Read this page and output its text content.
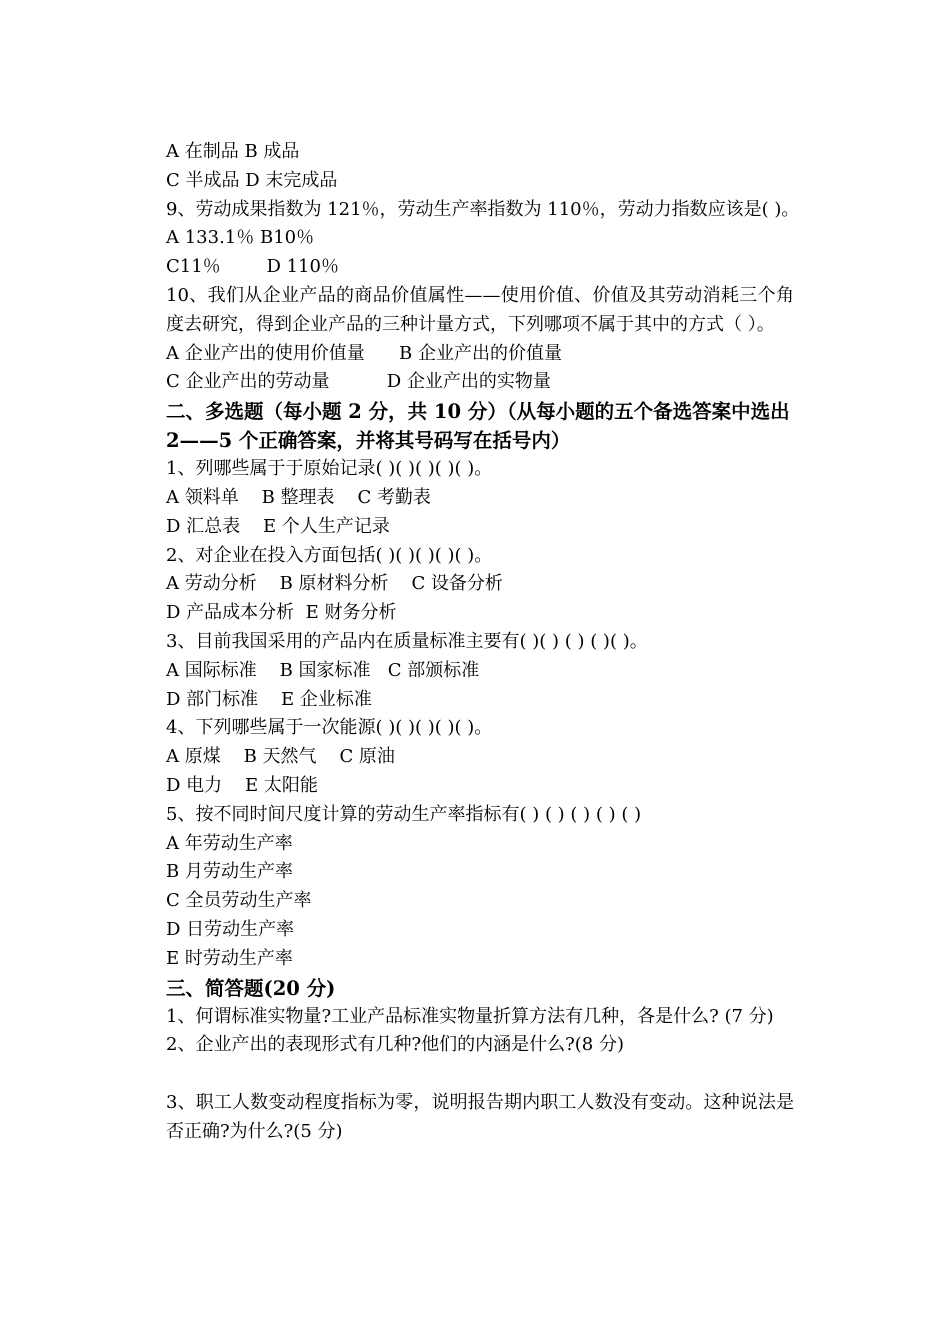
A 在制品 B 成品
C 半成品 D 末完成品
9、劳动成果指数为 121％，劳动生产率指数为 110％，劳动力指数应该是( )。
A 133.1％ B10％
C11％        D 110％
10、我们从企业产品的商品价值属性——使用价值、价值及其劳动消耗三个角度去研究，得到企业产品的三种计量方式，下列哪项不属于其中的方式（ ）。
A 企业产出的使用价值量      B 企业产出的价值量
C 企业产出的劳动量          D 企业产出的实物量
二、多选题（每小题 2 分，共 10 分）（从每小题的五个备选答案中选出 2——5 个正确答案，并将其号码写在括号内）
1、列哪些属于于原始记录( )( )( )( )( )。
A 领料单    B 整理表    C 考勤表
D 汇总表    E 个人生产记录
2、对企业在投入方面包括( )( )( )( )( )。
A 劳动分析    B 原材料分析    C 设备分析
D 产品成本分析  E 财务分析
3、目前我国采用的产品内在质量标准主要有( )( ) ( ) ( )( )。
A 国际标准    B 国家标准   C 部颁标准
D 部门标准    E 企业标准
4、下列哪些属于一次能源( )( )( )( )( )。
A 原煤    B 天然气    C 原油
D 电力    E 太阳能
5、按不同时间尺度计算的劳动生产率指标有( ) ( ) ( ) ( ) ( )
A 年劳动生产率
B 月劳动生产率
C 全员劳动生产率
D 日劳动生产率
E 时劳动生产率
三、简答题(20 分)
1、何谓标准实物量?工业产品标准实物量折算方法有几种，各是什么? (7 分)
2、企业产出的表现形式有几种?他们的内涵是什么?(8 分)
3、职工人数变动程度指标为零，说明报告期内职工人数没有变动。这种说法是否正确?为什么?(5 分)
